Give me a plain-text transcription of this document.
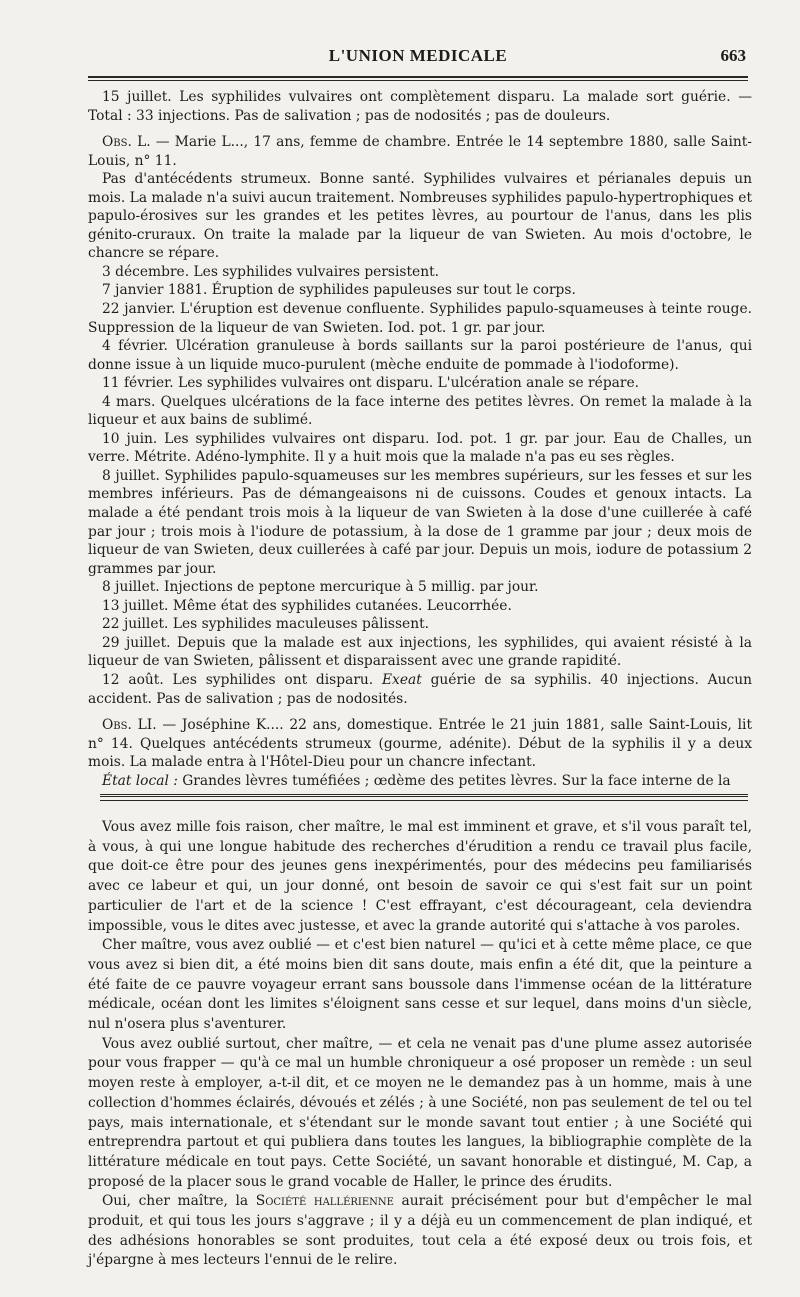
L'UNION MEDICALE	663

15 juillet. Les syphilides vulvaires ont complètement disparu. La malade sort guérie. — Total : 33 injections. Pas de salivation ; pas de nodosités ; pas de douleurs.

Obs. L. — Marie L..., 17 ans, femme de chambre. Entrée le 14 septembre 1880, salle Saint-Louis, n° 11.

Pas d'antécédents strumeux. Bonne santé. Syphilides vulvaires et périanales depuis un mois. La malade n'a suivi aucun traitement. Nombreuses syphilides papulo-hypertrophiques et papulo-érosives sur les grandes et les petites lèvres, au pourtour de l'anus, dans les plis génito-cruraux. On traite la malade par la liqueur de van Swieten. Au mois d'octobre, le chancre se répare.

3 décembre. Les syphilides vulvaires persistent.

7 janvier 1881. Éruption de syphilides papuleuses sur tout le corps.

22 janvier. L'éruption est devenue confluente. Syphilides papulo-squameuses à teinte rouge. Suppression de la liqueur de van Swieten. Iod. pot. 1 gr. par jour.

4 février. Ulcération granuleuse à bords saillants sur la paroi postérieure de l'anus, qui donne issue à un liquide muco-purulent (mèche enduite de pommade à l'iodoforme).

11 février. Les syphilides vulvaires ont disparu. L'ulcération anale se répare.

4 mars. Quelques ulcérations de la face interne des petites lèvres. On remet la malade à la liqueur et aux bains de sublimé.

10 juin. Les syphilides vulvaires ont disparu. Iod. pot. 1 gr. par jour. Eau de Challes, un verre. Métrite. Adéno-lymphite. Il y a huit mois que la malade n'a pas eu ses règles.

8 juillet. Syphilides papulo-squameuses sur les membres supérieurs, sur les fesses et sur les membres inférieurs. Pas de démangeaisons ni de cuissons. Coudes et genoux intacts. La malade a été pendant trois mois à la liqueur de van Swieten à la dose d'une cuillerée à café par jour ; trois mois à l'iodure de potassium, à la dose de 1 gramme par jour ; deux mois de liqueur de van Swieten, deux cuillerées à café par jour. Depuis un mois, iodure de potassium 2 grammes par jour.

8 juillet. Injections de peptone mercurique à 5 millig. par jour.

13 juillet. Même état des syphilides cutanées. Leucorrhée.

22 juillet. Les syphilides maculeuses pâlissent.

29 juillet. Depuis que la malade est aux injections, les syphilides, qui avaient résisté à la liqueur de van Swieten, pâlissent et disparaissent avec une grande rapidité.

12 août. Les syphilides ont disparu. Exeat guérie de sa syphilis. 40 injections. Aucun accident. Pas de salivation ; pas de nodosités.

Obs. LI. — Joséphine K.... 22 ans, domestique. Entrée le 21 juin 1881, salle Saint-Louis, lit n° 14. Quelques antécédents strumeux (gourme, adénite). Début de la syphilis il y a deux mois. La malade entra à l'Hôtel-Dieu pour un chancre infectant.

État local : Grandes lèvres tuméfiées ; œdème des petites lèvres. Sur la face interne de la

Vous avez mille fois raison, cher maître, le mal est imminent et grave, et s'il vous paraît tel, à vous, à qui une longue habitude des recherches d'érudition a rendu ce travail plus facile, que doit-ce être pour des jeunes gens inexpérimentés, pour des médecins peu familiarisés avec ce labeur et qui, un jour donné, ont besoin de savoir ce qui s'est fait sur un point particulier de l'art et de la science ! C'est effrayant, c'est décourageant, cela deviendra impossible, vous le dites avec justesse, et avec la grande autorité qui s'attache à vos paroles.

Cher maître, vous avez oublié — et c'est bien naturel — qu'ici et à cette même place, ce que vous avez si bien dit, a été moins bien dit sans doute, mais enfin a été dit, que la peinture a été faite de ce pauvre voyageur errant sans boussole dans l'immense océan de la littérature médicale, océan dont les limites s'éloignent sans cesse et sur lequel, dans moins d'un siècle, nul n'osera plus s'aventurer.

Vous avez oublié surtout, cher maître, — et cela ne venait pas d'une plume assez autorisée pour vous frapper — qu'à ce mal un humble chroniqueur a osé proposer un remède : un seul moyen reste à employer, a-t-il dit, et ce moyen ne le demandez pas à un homme, mais à une collection d'hommes éclairés, dévoués et zélés ; à une Société, non pas seulement de tel ou tel pays, mais internationale, et s'étendant sur le monde savant tout entier ; à une Société qui entreprendra partout et qui publiera dans toutes les langues, la bibliographie complète de la littérature médicale en tout pays. Cette Société, un savant honorable et distingué, M. Cap, a proposé de la placer sous le grand vocable de Haller, le prince des érudits.

Oui, cher maître, la Société hallérienne aurait précisément pour but d'empêcher le mal produit, et qui tous les jours s'aggrave ; il y a déjà eu un commencement de plan indiqué, et des adhésions honorables se sont produites, tout cela a été exposé deux ou trois fois, et j'épargne à mes lecteurs l'ennui de le relire.
